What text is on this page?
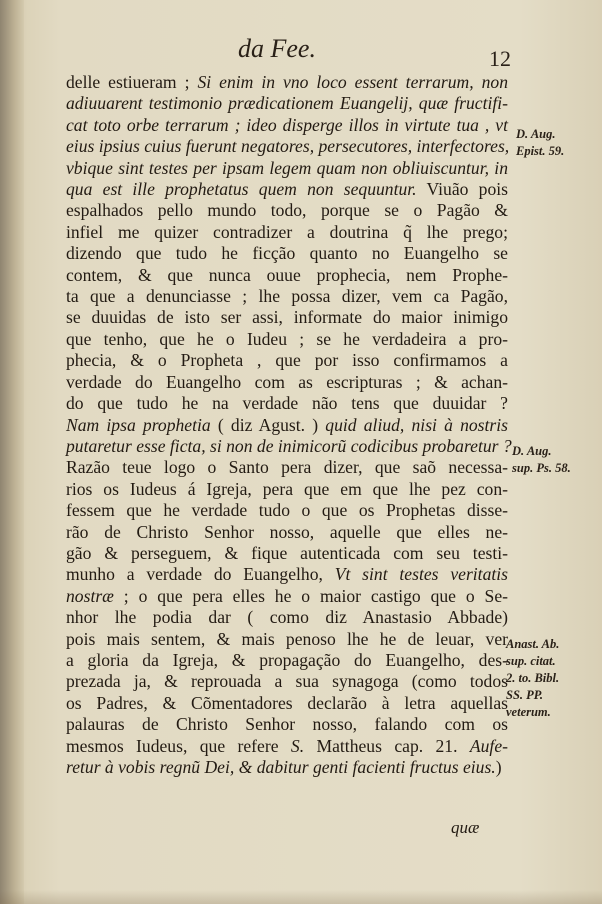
da Fee.	12
delle estiueram ; Si enim in vno loco essent terrarum, non
adiuuarent testimonio prædicationem Euangelij, quæ fructifi-
cat toto orbe terrarum ; ideo disperge illos in virtute tua , vt
eius ipsius cuius fuerunt negatores, persecutores, interfectores,
vbique sint testes per ipsam legem quam non obliuiscuntur, in
qua est ille prophetatus quem non sequuntur. Viuão pois
espalhados pello mundo todo, porque se o Pagão &
infiel me quizer contradizer a doutrina q̃ lhe prego;
dizendo que tudo he ficção quanto no Euangelho se
contem, & que nunca ouue prophecia, nem Prophe-
ta que a denunciasse ; lhe possa dizer, vem ca Pagão,
se duuidas de isto ser assi, informate do maior inimigo
que tenho, que he o Iudeu ; se he verdadeira a pro-
phecia, & o Propheta , que por isso confirmamos a
verdade do Euangelho com as escripturas ; & achan-
do que tudo he na verdade não tens que duuidar ?
Nam ipsa prophetia ( diz Agust. ) quid aliud, nisi à nostris
putaretur esse ficta, si non de inimicorũ codicibus probaretur ?
Razão teue logo o Santo pera dizer, que saõ necessa-
rios os Iudeus á Igreja, pera que em que lhe pez con-
fessem que he verdade tudo o que os Prophetas disse-
rão de Christo Senhor nosso, aquelle que elles ne-
gão & perseguem, & fique autenticada com seu testi-
munho a verdade do Euangelho, Vt sint testes veritatis
nostræ ; o que pera elles he o maior castigo que o Se-
nhor lhe podia dar ( como diz Anastasio Abbade)
pois mais sentem, & mais penoso lhe he de leuar, ver
a gloria da Igreja, & propagação do Euangelho, des-
prezada ja, & reprouada a sua synagoga (como todos
os Padres, & Cõmentadores declarão à letra aquellas
palauras de Christo Senhor nosso, falando com os
mesmos Iudeus, que refere S. Mattheus cap. 21. Aufe-
retur à vobis regnũ Dei, & dabitur genti facienti fructus eius.)
D. Aug.
Epist. 59.
D. Aug.
sup. Ps. 58.
Anast. Ab.
sup. citat.
2. to. Bibl.
SS. PP.
veterum.
quæ
